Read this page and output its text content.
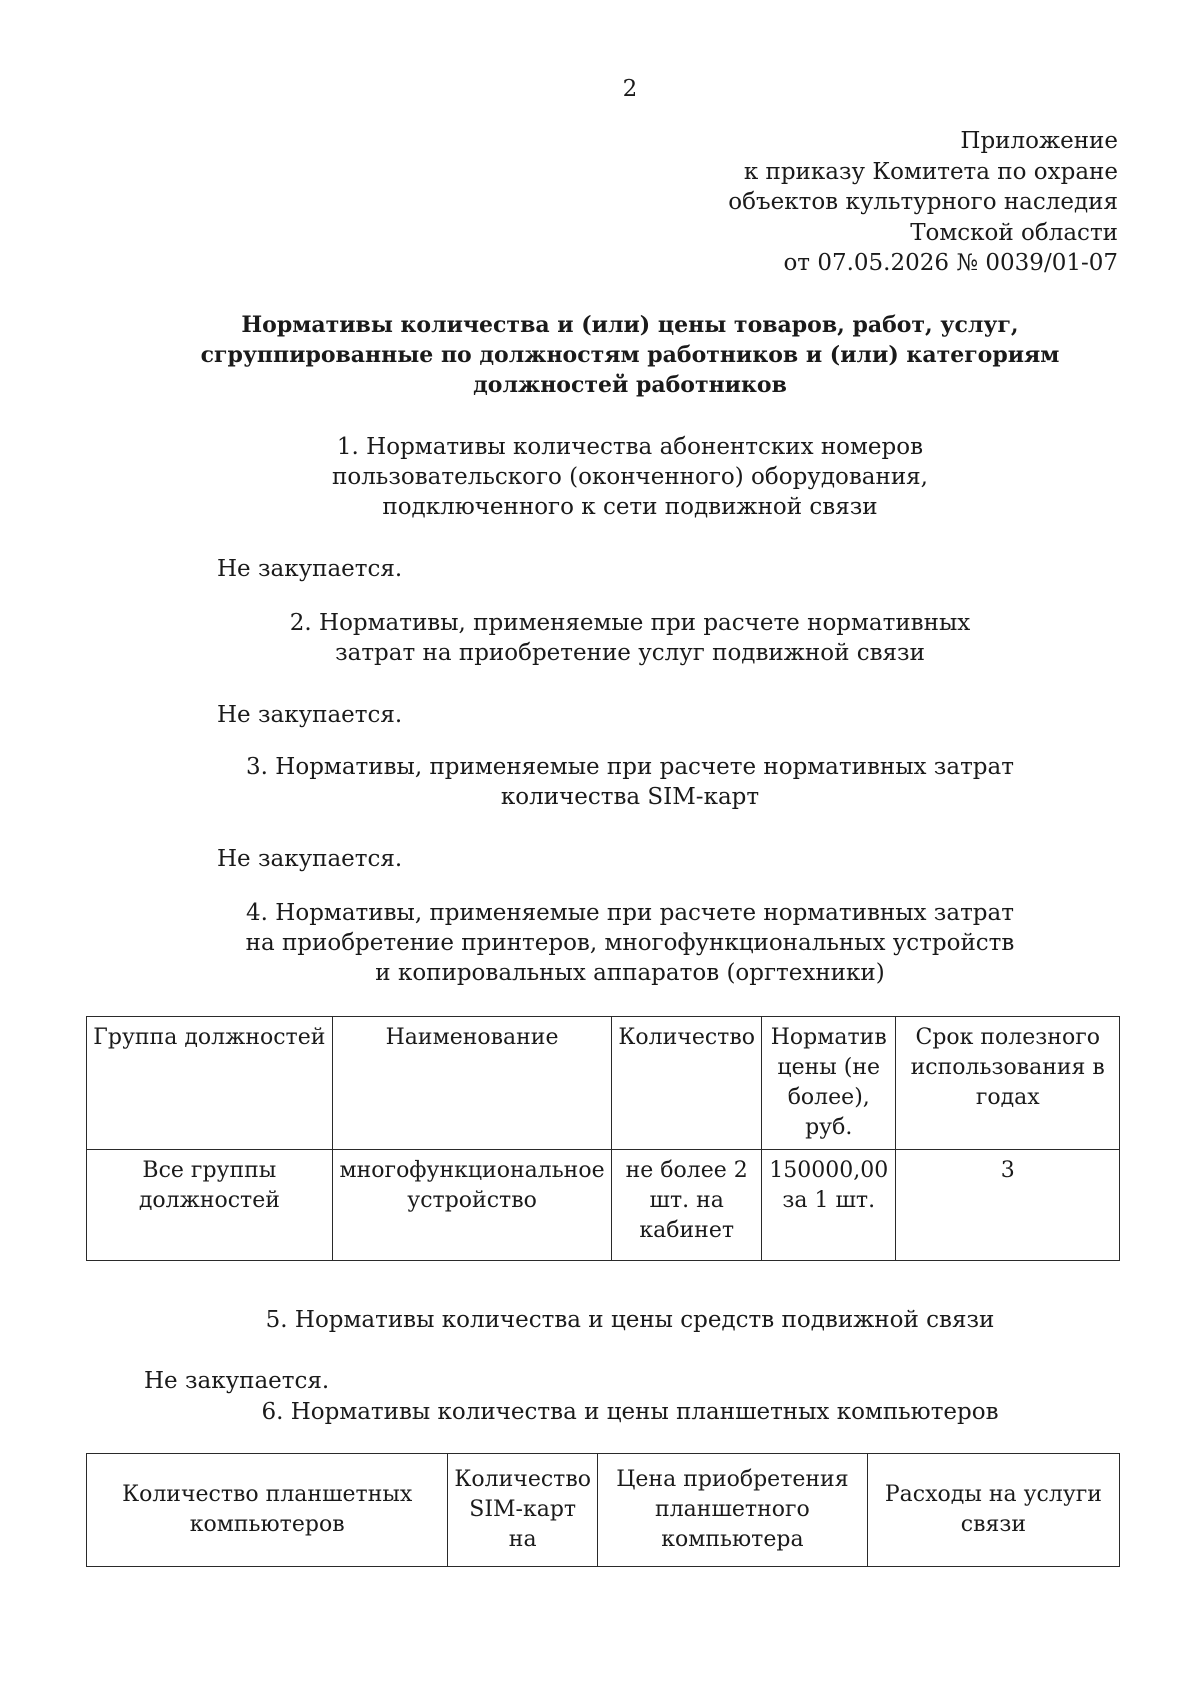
2
Приложение
к приказу Комитета по охране
объектов культурного наследия
Томской области
от 07.05.2026 № 0039/01-07
Нормативы количества и (или) цены товаров, работ, услуг,
сгруппированные по должностям работников и (или) категориям
должностей работников
1. Нормативы количества абонентских номеров
пользовательского (оконченного) оборудования,
подключенного к сети подвижной связи
Не закупается.
2. Нормативы, применяемые при расчете нормативных
затрат на приобретение услуг подвижной связи
Не закупается.
3. Нормативы, применяемые при расчете нормативных затрат
количества SIM-карт
Не закупается.
4. Нормативы, применяемые при расчете нормативных затрат
на приобретение принтеров, многофункциональных устройств
и копировальных аппаратов (оргтехники)
Группа должностей	Наименование	Количество	Норматив цены (не более), руб.	Срок полезного использования в годах
Все группы должностей	многофункциональное устройство	не более 2 шт. на кабинет	150000,00 за 1 шт.	3
5. Нормативы количества и цены средств подвижной связи
Не закупается.
6. Нормативы количества и цены планшетных компьютеров
Количество планшетных компьютеров	Количество SIM-карт на	Цена приобретения планшетного компьютера	Расходы на услуги связи
